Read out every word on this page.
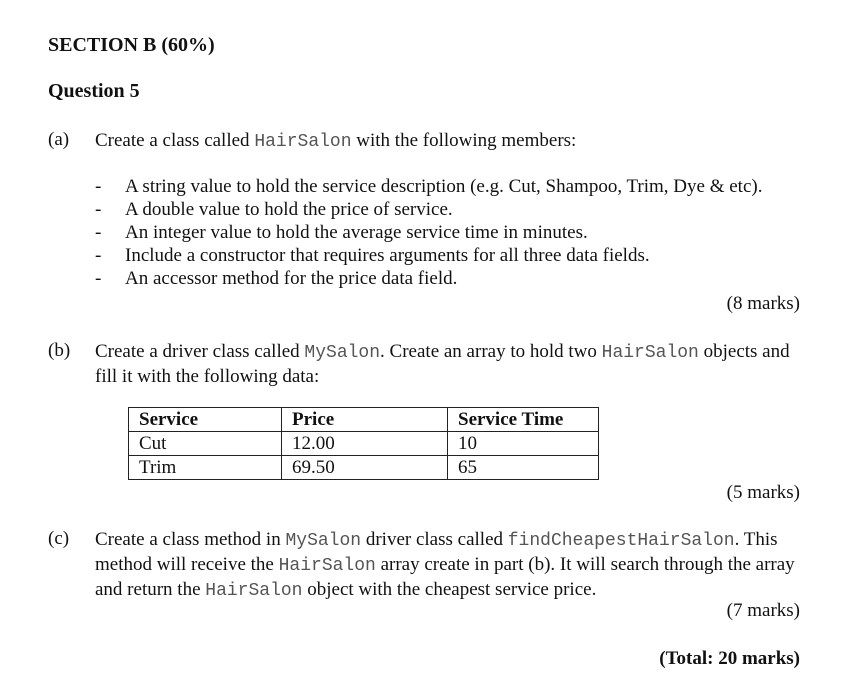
SECTION B (60%)
Question 5
(a) Create a class called HairSalon with the following members:
- A string value to hold the service description (e.g. Cut, Shampoo, Trim, Dye & etc).
- A double value to hold the price of service.
- An integer value to hold the average service time in minutes.
- Include a constructor that requires arguments for all three data fields.
- An accessor method for the price data field.
(8 marks)
(b) Create a driver class called MySalon. Create an array to hold two HairSalon objects and fill it with the following data:
Service	Price	Service Time
Cut	12.00	10
Trim	69.50	65
(5 marks)
(c) Create a class method in MySalon driver class called findCheapestHairSalon. This method will receive the HairSalon array create in part (b). It will search through the array and return the HairSalon object with the cheapest service price.
(7 marks)
(Total: 20 marks)
